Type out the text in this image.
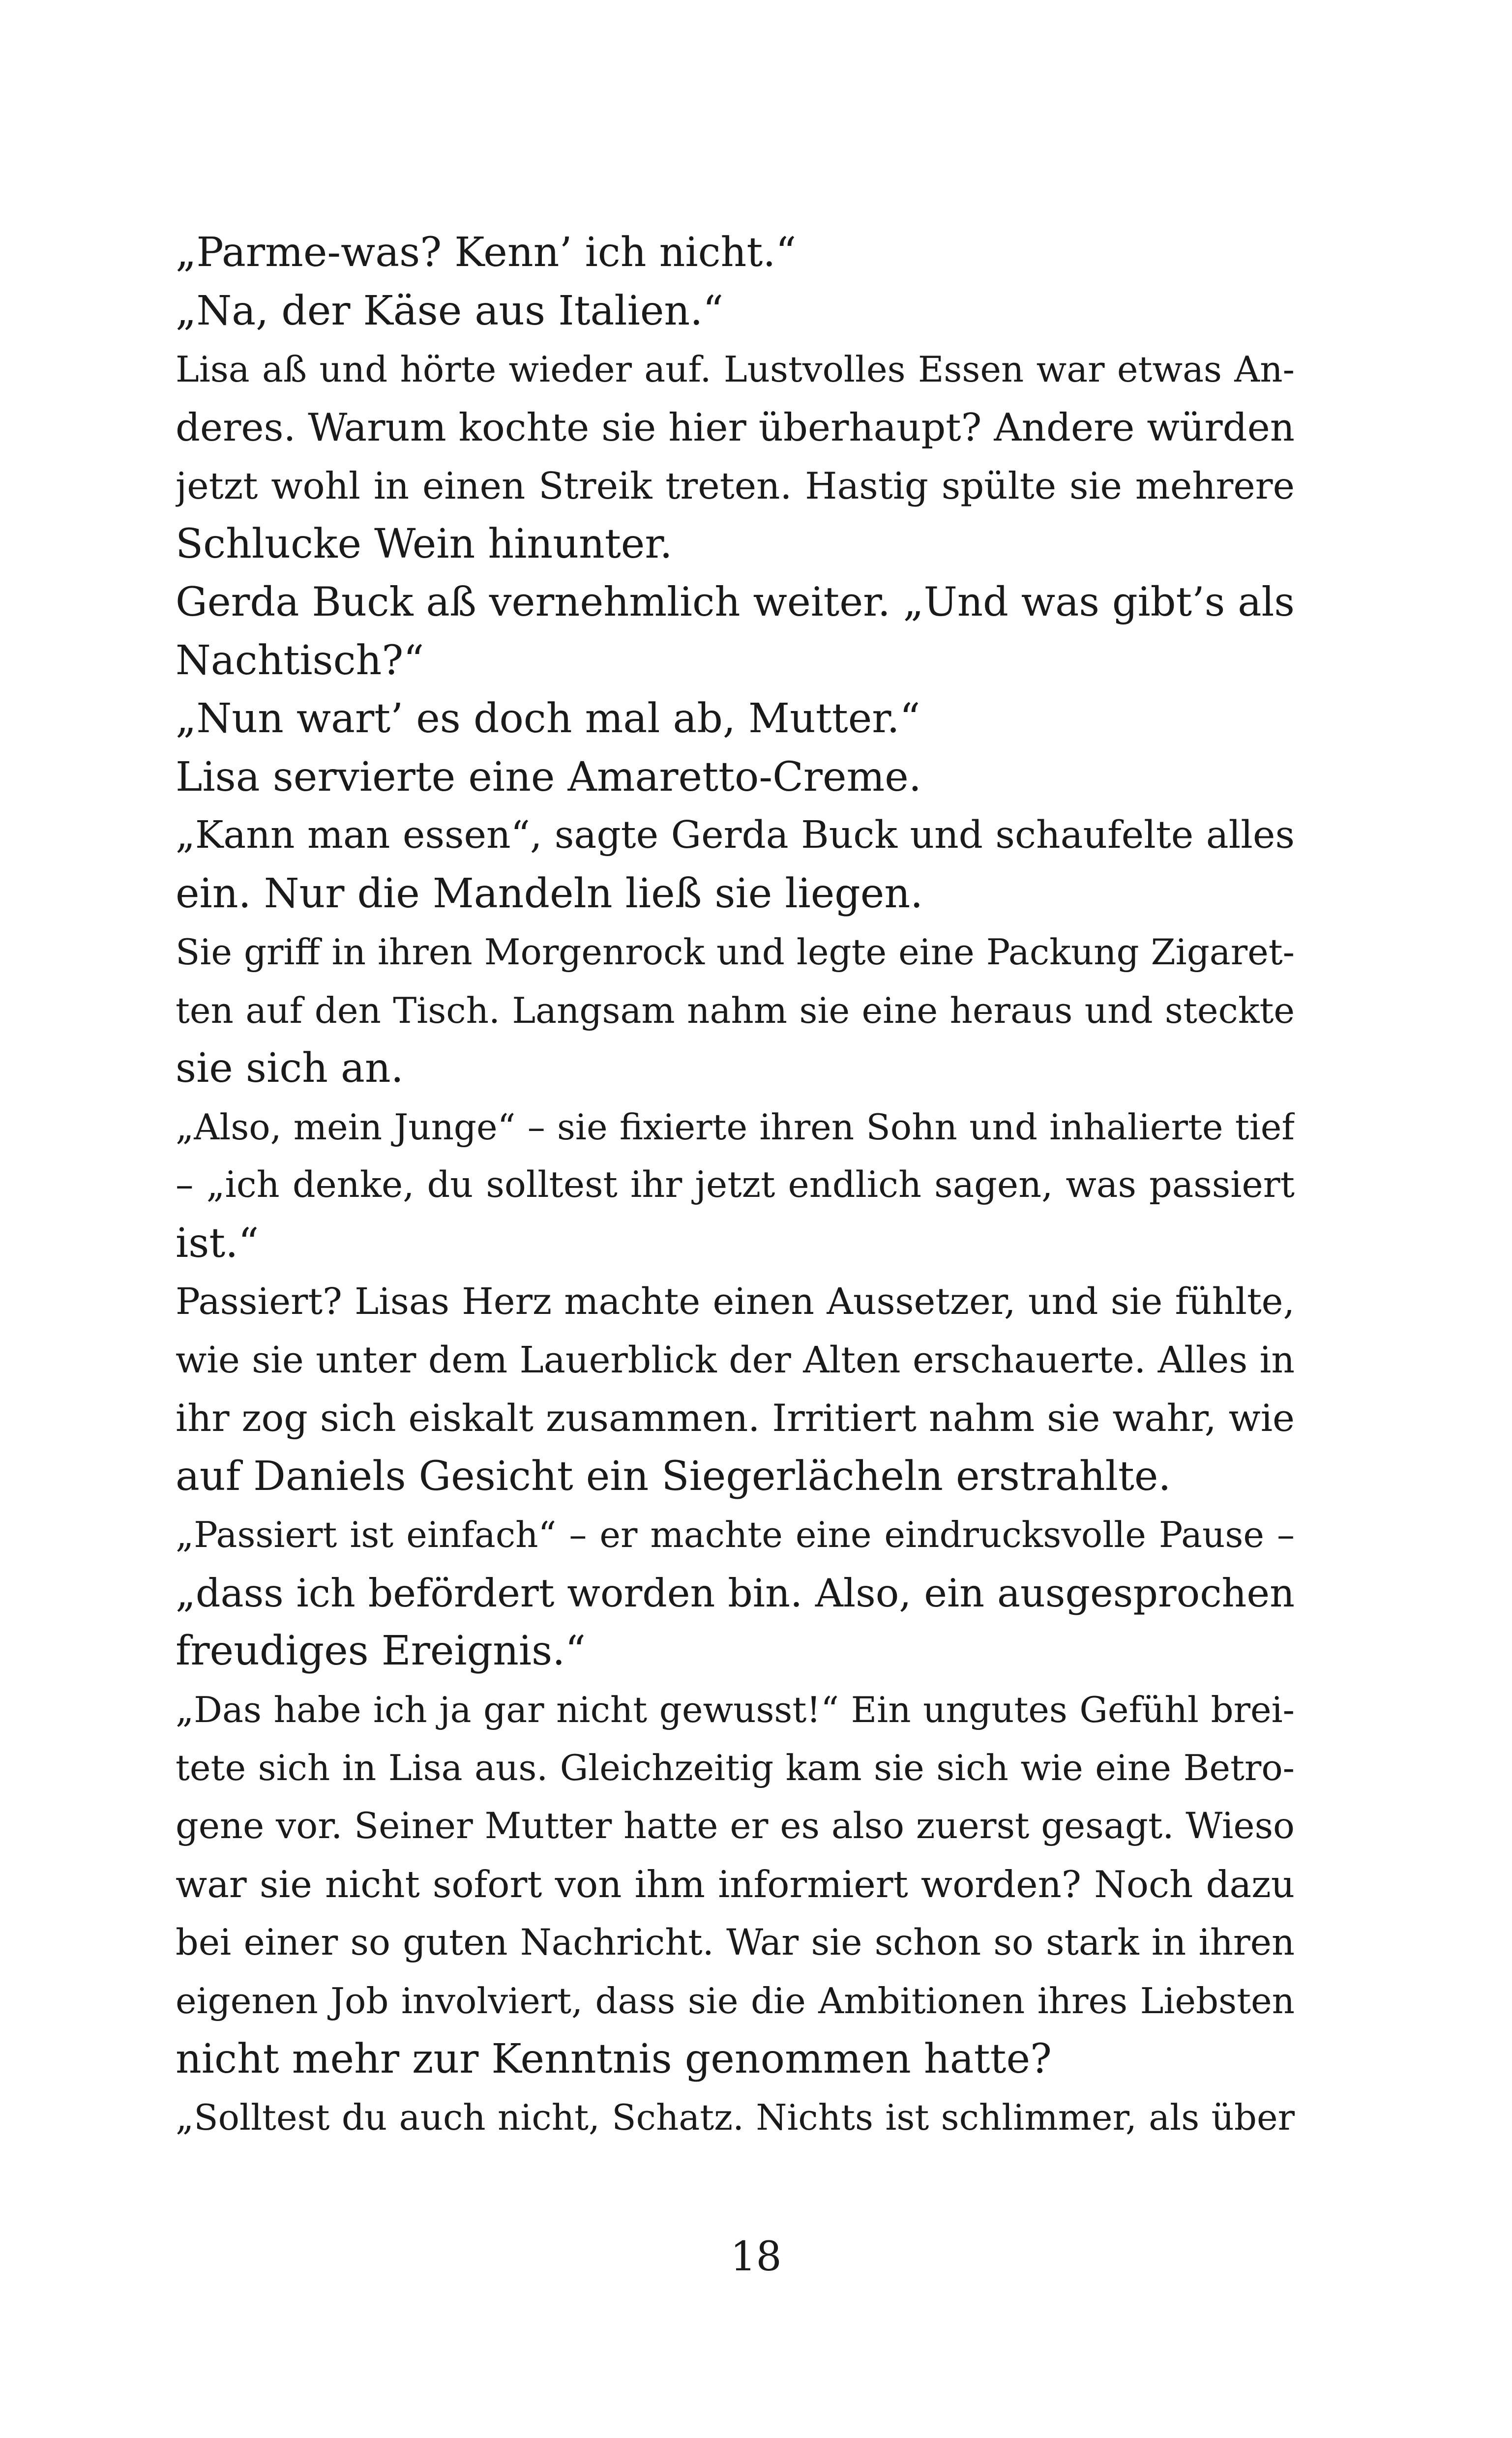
„Parme-was? Kenn’ ich nicht.“
„Na, der Käse aus Italien.“
Lisa aß und hörte wieder auf. Lustvolles Essen war etwas An-
deres. Warum kochte sie hier überhaupt? Andere würden
jetzt wohl in einen Streik treten. Hastig spülte sie mehrere
Schlucke Wein hinunter.
Gerda Buck aß vernehmlich weiter. „Und was gibt’s als
Nachtisch?“
„Nun wart’ es doch mal ab, Mutter.“
Lisa servierte eine Amaretto-Creme.
„Kann man essen“, sagte Gerda Buck und schaufelte alles
ein. Nur die Mandeln ließ sie liegen.
Sie griff in ihren Morgenrock und legte eine Packung Zigaret-
ten auf den Tisch. Langsam nahm sie eine heraus und steckte
sie sich an.
„Also, mein Junge“ – sie fixierte ihren Sohn und inhalierte tief
– „ich denke, du solltest ihr jetzt endlich sagen, was passiert
ist.“
Passiert? Lisas Herz machte einen Aussetzer, und sie fühlte,
wie sie unter dem Lauerblick der Alten erschauerte. Alles in
ihr zog sich eiskalt zusammen. Irritiert nahm sie wahr, wie
auf Daniels Gesicht ein Siegerlächeln erstrahlte.
„Passiert ist einfach“ – er machte eine eindrucksvolle Pause –
„dass ich befördert worden bin. Also, ein ausgesprochen
freudiges Ereignis.“
„Das habe ich ja gar nicht gewusst!“ Ein ungutes Gefühl brei-
tete sich in Lisa aus. Gleichzeitig kam sie sich wie eine Betro-
gene vor. Seiner Mutter hatte er es also zuerst gesagt. Wieso
war sie nicht sofort von ihm informiert worden? Noch dazu
bei einer so guten Nachricht. War sie schon so stark in ihren
eigenen Job involviert, dass sie die Ambitionen ihres Liebsten
nicht mehr zur Kenntnis genommen hatte?
„Solltest du auch nicht, Schatz. Nichts ist schlimmer, als über
18
